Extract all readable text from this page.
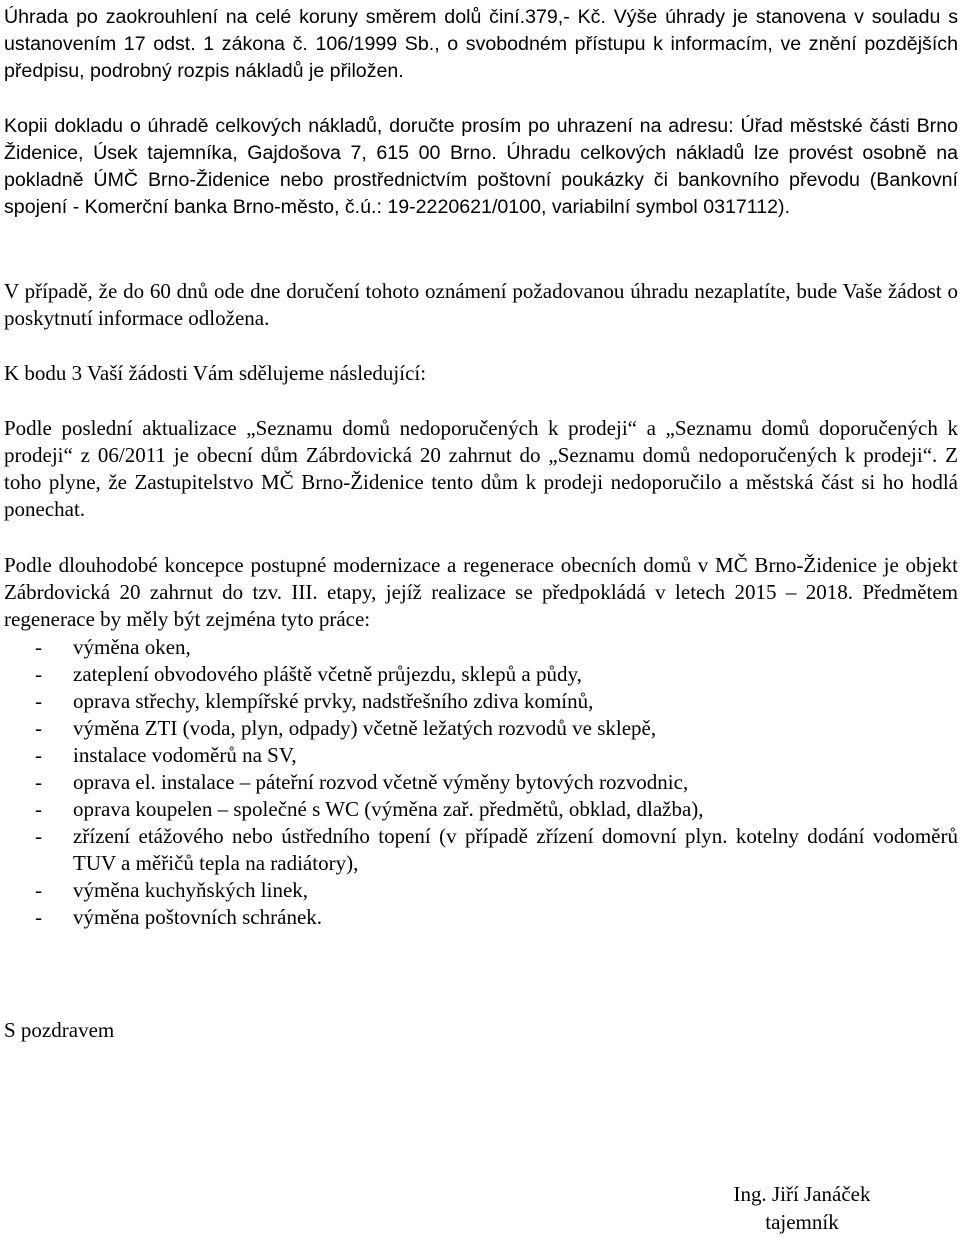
Úhrada po zaokrouhlení na celé koruny směrem dolů činí.379,- Kč. Výše úhrady je stanovena v souladu s ustanovením 17 odst. 1 zákona č. 106/1999 Sb., o svobodném přístupu k informacím, ve znění pozdějších předpisu, podrobný rozpis nákladů je přiložen.

Kopii dokladu o úhradě celkových nákladů, doručte prosím po uhrazení na adresu: Úřad městské části Brno Židenice, Úsek tajemníka, Gajdošova 7, 615 00 Brno. Úhradu celkových nákladů lze provést osobně na pokladně ÚMČ Brno-Židenice nebo prostřednictvím poštovní poukázky či bankovního převodu (Bankovní spojení - Komerční banka Brno-město, č.ú.: 19-2220621/0100, variabilní symbol 0317112).

V případě, že do 60 dnů ode dne doručení tohoto oznámení požadovanou úhradu nezaplatíte, bude Vaše žádost o poskytnutí informace odložena.

K bodu 3 Vaší žádosti Vám sdělujeme následující:

Podle poslední aktualizace „Seznamu domů nedoporučených k prodeji“ a „Seznamu domů doporučených k prodeji“ z 06/2011 je obecní dům Zábrdovická 20 zahrnut do „Seznamu domů nedoporučených k prodeji“. Z toho plyne, že Zastupitelstvo MČ Brno-Židenice tento dům k prodeji nedoporučilo a městská část si ho hodlá ponechat.

Podle dlouhodobé koncepce postupné modernizace a regenerace obecních domů v MČ Brno-Židenice je objekt Zábrdovická 20 zahrnut do tzv. III. etapy, jejíž realizace se předpokládá v letech 2015 – 2018. Předmětem regenerace by měly být zejména tyto práce:

- výměna oken,
- zateplení obvodového pláště včetně průjezdu, sklepů a půdy,
- oprava střechy, klempířské prvky, nadstřešního zdiva komínů,
- výměna ZTI (voda, plyn, odpady) včetně ležatých rozvodů ve sklepě,
- instalace vodoměrů na SV,
- oprava el. instalace – páteřní rozvod včetně výměny bytových rozvodnic,
- oprava koupelen – společné s WC (výměna zař. předmětů, obklad, dlažba),
- zřízení etážového nebo ústředního topení (v případě zřízení domovní plyn. kotelny dodání vodoměrů TUV a měřičů tepla na radiátory),
- výměna kuchyňských linek,
- výměna poštovních schránek.

S pozdravem

Ing. Jiří Janáček

tajemník
